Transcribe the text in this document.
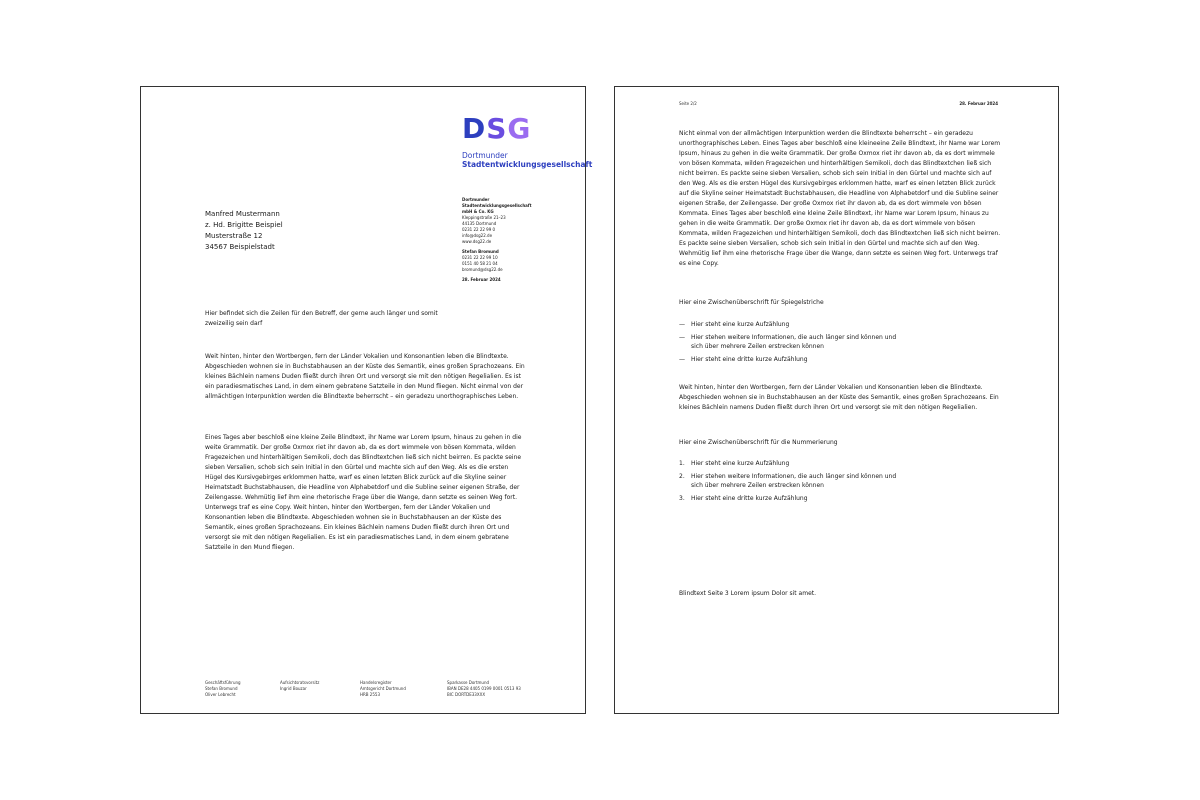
D S G
Dortmunder
Stadtentwicklungsgesellschaft
Dortmunder
Stadtentwicklungsgesellschaft
mbH & Co. KG
Kleppingstraße 21–23
44135 Dortmund
0231 22 22 99 0
info@dsg22.de
www.dsg22.de
Stefan Bromund
0231 22 22 99 10
0151 40 58 21 04
bromund@dsg22.de
28. Februar 2024
Manfred Mustermann
z. Hd. Brigitte Beispiel
Musterstraße 12
34567 Beispielstadt
Hier befindet sich die Zeilen für den Betreff, der gerne auch länger und somit zweizeilig sein darf
Weit hinten, hinter den Wortbergen, fern der Länder Vokalien und Konsonantien leben die Blindtexte. Abgeschieden wohnen sie in Buchstabhausen an der Küste des Semantik, eines großen Sprachozeans. Ein kleines Bächlein namens Duden fließt durch ihren Ort und versorgt sie mit den nötigen Regelialien. Es ist ein paradiesmatisches Land, in dem einem gebratene Satzteile in den Mund fliegen. Nicht einmal von der allmächtigen Interpunktion werden die Blindtexte beherrscht – ein geradezu unorthographisches Leben.
Eines Tages aber beschloß eine kleine Zeile Blindtext, ihr Name war Lorem Ipsum, hinaus zu gehen in die weite Grammatik. Der große Oxmox riet ihr davon ab, da es dort wimmele von bösen Kommata, wilden Fragezeichen und hinterhältigen Semikoli, doch das Blindtextchen ließ sich nicht beirren. Es packte seine sieben Versalien, schob sich sein Initial in den Gürtel und machte sich auf den Weg. Als es die ersten Hügel des Kursivgebirges erklommen hatte, warf es einen letzten Blick zurück auf die Skyline seiner Heimatstadt Buchstabhausen, die Headline von Alphabetdorf und die Subline seiner eigenen Straße, der Zeilengasse. Wehmütig lief ihm eine rhetorische Frage über die Wange, dann setzte es seinen Weg fort. Unterwegs traf es eine Copy. Weit hinten, hinter den Wortbergen, fern der Länder Vokalien und Konsonantien leben die Blindtexte. Abgeschieden wohnen sie in Buchstabhausen an der Küste des Semantik, eines großen Sprachozeans. Ein kleines Bächlein namens Duden fließt durch ihren Ort und versorgt sie mit den nötigen Regelialien. Es ist ein paradiesmatisches Land, in dem einem gebratene Satzteile in den Mund fliegen.
Geschäftsführung
Stefan Bromund
Oliver Lebrecht
Aufsichtsratsvorsitz
Ingrid Bouzar
Handelsregister
Amtsgericht Dortmund
HRB 2553
Sparkasse Dortmund
IBAN DE28 4405 0199 0001 0513 93
BIC DORTDE33XXX
Seite 2/2	28. Februar 2024
Nicht einmal von der allmächtigen Interpunktion werden die Blindtexte beherrscht – ein geradezu unorthographisches Leben. Eines Tages aber beschloß eine kleineeine Zeile Blindtext, ihr Name war Lorem Ipsum, hinaus zu gehen in die weite Grammatik. Der große Oxmox riet ihr davon ab, da es dort wimmele von bösen Kommata, wilden Fragezeichen und hinterhältigen Semikoli, doch das Blindtextchen ließ sich nicht beirren. Es packte seine sieben Versalien, schob sich sein Initial in den Gürtel und machte sich auf den Weg. Als es die ersten Hügel des Kursivgebirges erklommen hatte, warf es einen letzten Blick zurück auf die Skyline seiner Heimatstadt Buchstabhausen, die Headline von Alphabetdorf und die Subline seiner eigenen Straße, der Zeilengasse. Der große Oxmox riet ihr davon ab, da es dort wimmele von bösen Kommata. Eines Tages aber beschloß eine kleine Zeile Blindtext, ihr Name war Lorem Ipsum, hinaus zu gehen in die weite Grammatik. Der große Oxmox riet ihr davon ab, da es dort wimmele von bösen Kommata, wilden Fragezeichen und hinterhältigen Semikoli, doch das Blindtextchen ließ sich nicht beirren. Es packte seine sieben Versalien, schob sich sein Initial in den Gürtel und machte sich auf den Weg. Wehmütig lief ihm eine rhetorische Frage über die Wange, dann setzte es seinen Weg fort. Unterwegs traf es eine Copy.
Hier eine Zwischenüberschrift für Spiegelstriche
—	Hier steht eine kurze Aufzählung
—	Hier stehen weitere Informationen, die auch länger sind können und sich über mehrere Zeilen erstrecken können
—	Hier steht eine dritte kurze Aufzählung
Weit hinten, hinter den Wortbergen, fern der Länder Vokalien und Konsonantien leben die Blindtexte. Abgeschieden wohnen sie in Buchstabhausen an der Küste des Semantik, eines großen Sprachozeans. Ein kleines Bächlein namens Duden fließt durch ihren Ort und versorgt sie mit den nötigen Regelialien.
Hier eine Zwischenüberschrift für die Nummerierung
1.	Hier steht eine kurze Aufzählung
2.	Hier stehen weitere Informationen, die auch länger sind können und sich über mehrere Zeilen erstrecken können
3.	Hier steht eine dritte kurze Aufzählung
Blindtext Seite 3 Lorem ipsum Dolor sit amet.
